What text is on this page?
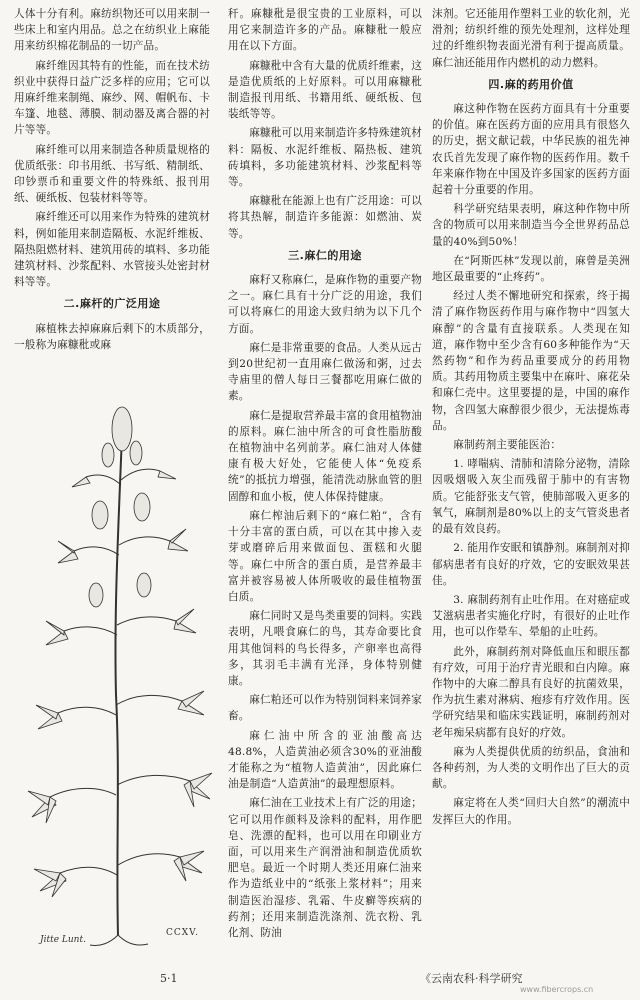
人体十分有利。麻纺织物还可以用来制一些床上和室内用品。总之在纺织业上麻能用来纺织棉花制品的一切产品。

麻纤维因其特有的性能，而在技术纺织业中获得日益广泛多样的应用；它可以用麻纤维来制绳、麻纱、网、帽帆布、卡车篷、地毯、薄膜、制动器及离合器的衬片等等。

麻纤维可以用来制造各种质量规格的优质纸张：印书用纸、书写纸、精制纸、印钞票币和重要文件的特殊纸、报刊用纸、硬纸板、包装材料等等。

麻纤维还可以用来作为特殊的建筑材料，例如能用来制造隔板、水泥纤维板、隔热阻燃材料、建筑用砖的填料、多功能建筑材料、沙浆配料、水管接头处密封材料等等。

二.麻杆的广泛用途

麻植株去掉麻麻后剩下的木质部分，一般称为麻糠秕或麻

Jitte Lunt.
CCXV.
5·1

秆。麻糠秕是很宝贵的工业原料，可以用它来制造许多的产品。麻糠秕一般应用在以下方面。

麻糠秕中含有大量的优质纤维素，这是造优质纸的上好原料。可以用麻糠秕制造报刊用纸、书籍用纸、硬纸板、包装纸等等。

麻糠秕可以用来制造许多特殊建筑材料：隔板、水泥纤维板、隔热板、建筑砖填料，多功能建筑材料、沙浆配料等等。

麻糠秕在能源上也有广泛用途：可以将其热解，制造许多能源：如燃油、炭等。

三.麻仁的用途

麻籽又称麻仁，是麻作物的重要产物之一。麻仁具有十分广泛的用途，我们可以将麻仁的用途大致归纳为以下几个方面。

麻仁是非常重要的食品。人类从远古到20世纪初一直用麻仁做汤和粥，过去寺庙里的僧人每日三餐都吃用麻仁做的素。

麻仁是提取营养最丰富的食用植物油的原料。麻仁油中所含的可食性脂肪酸在植物油中名列前茅。麻仁油对人体健康有极大好处，它能使人体“免疫系统”的抵抗力增强，能清洗动脉血管的胆固醇和血小板，使人体保持健康。

麻仁榨油后剩下的“麻仁粕”，含有十分丰富的蛋白质，可以在其中掺入麦芽或磨碎后用来做面包、蛋糕和火腿等。麻仁中所含的蛋白质，是营养最丰富并被容易被人体所吸收的最佳植物蛋白质。

麻仁同时又是鸟类重要的饲料。实践表明，凡喂食麻仁的鸟，其寿命要比食用其他饲料的鸟长得多，产卵率也高得多，其羽毛丰满有光泽，身体特别健康。

麻仁粕还可以作为特别饲料来饲养家畜。

麻仁油中所含的亚油酸高达48.8%，人造黄油必须含30%的亚油酸才能称之为“植物人造黄油”，因此麻仁油是制造“人造黄油”的最理想原料。

麻仁油在工业技术上有广泛的用途；它可以用作颜料及涂料的配料，用作肥皂、洗漂的配料，也可以用在印刷业方面，可以用来生产润滑油和制造优质软肥皂。最近一个时期人类还用麻仁油来作为造纸业中的“纸张上浆材料”；用来制造医治湿疹、乳霜、牛皮癣等疾病的药剂；还用来制造洗涤剂、洗衣粉、乳化剂、防油

沫剂。它还能用作塑料工业的软化剂，光滑剂；纺织纤维的预先处理剂，这样处理过的纤维织物表面光滑有利于提高质量。麻仁油还能用作内燃机的动力燃料。

四.麻的药用价值

麻这种作物在医药方面具有十分重要的价值。麻在医药方面的应用具有很悠久的历史，据文献记载，中华民族的祖先神农氏首先发现了麻作物的医药作用。数千年来麻作物在中国及许多国家的医药方面起着十分重要的作用。

科学研究结果表明，麻这种作物中所含的物质可以用来制造当今全世界药品总量的40%到50%！

在“阿斯匹林”发现以前，麻曾是美洲地区最重要的“止疼药”。

经过人类不懈地研究和探索，终于揭清了麻作物医药作用与麻作物中“四氢大麻醇”的含量有直接联系。人类现在知道，麻作物中至少含有60多种能作为“天然药物”和作为药品重要成分的药用物质。其药用物质主要集中在麻叶、麻花朵和麻仁壳中。这里要提的是，中国的麻作物，含四氢大麻醇很少很少，无法提炼毒品。

麻制药剂主要能医治：

1. 哮喘病、清肺和清除分泌物，清除因吸烟吸入灰尘而残留于肺中的有害物质。它能舒张支气管，使肺部吸入更多的氧气，麻制剂是80%以上的支气管炎患者的最有效良药。

2. 能用作安眠和镇静剂。麻制剂对抑郁病患者有良好的疗效，它的安眠效果甚佳。

3. 麻制药剂有止吐作用。在对癌症或艾滋病患者实施化疗时，有很好的止吐作用，也可以作晕车、晕船的止吐药。

此外，麻制药剂对降低血压和眼压都有疗效，可用于治疗青光眼和白内障。麻作物中的大麻二醇具有良好的抗菌效果，作为抗生素对淋病、疱疹有疗效作用。医学研究结果和临床实践证明，麻制药剂对老年痴呆病都有良好的疗效。

麻为人类提供优质的纺织品，食油和各种药剂，为人类的文明作出了巨大的贡献。

麻定将在人类“回归大自然”的潮流中发挥巨大的作用。

《云南农科·科学研究
www.fibercrops.cn
